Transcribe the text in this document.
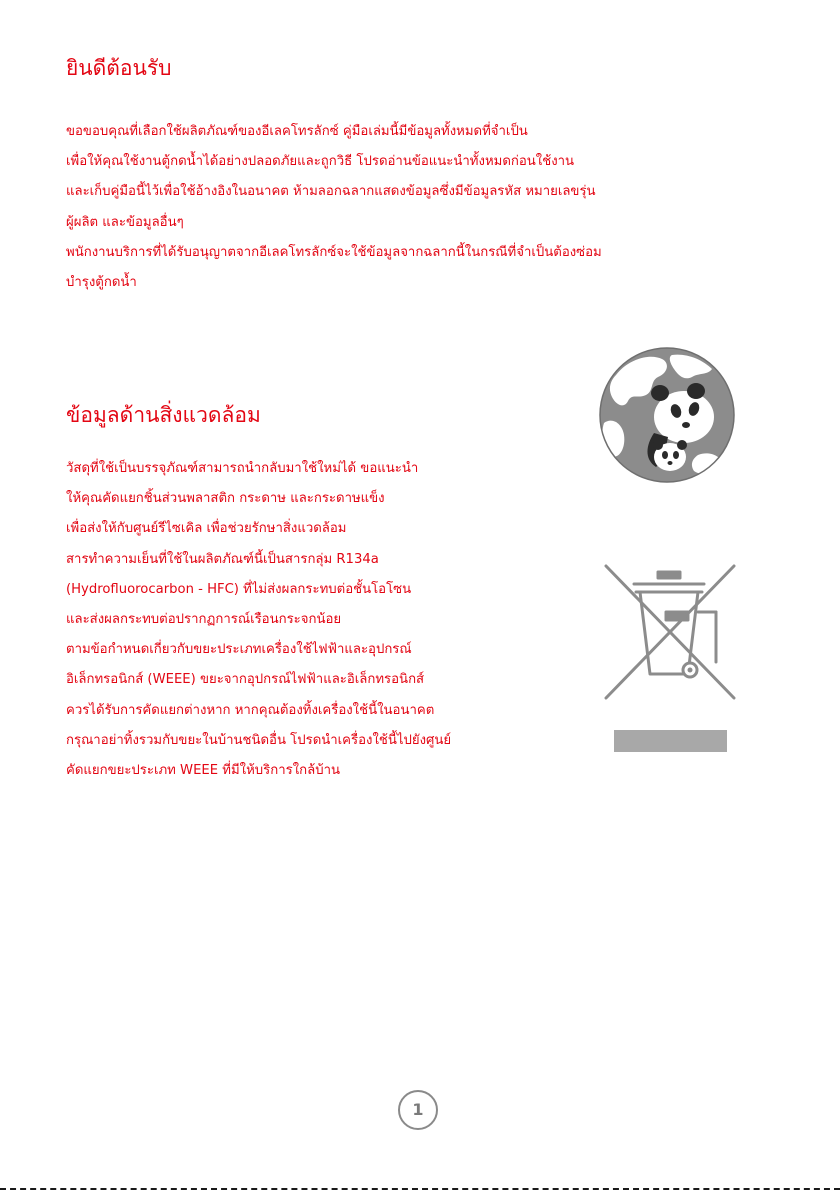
ยินดีต้อนรับ
ขอขอบคุณที่เลือกใช้ผลิตภัณฑ์ของอีเลคโทรลักซ์ คู่มือเล่มนี้มีข้อมูลทั้งหมดที่จำเป็น
เพื่อให้คุณใช้งานตู้กดน้ำได้อย่างปลอดภัยและถูกวิธี โปรดอ่านข้อแนะนำทั้งหมดก่อนใช้งาน
และเก็บคู่มือนี้ไว้เพื่อใช้อ้างอิงในอนาคต ห้ามลอกฉลากแสดงข้อมูลซึ่งมีข้อมูลรหัส หมายเลขรุ่น
ผู้ผลิต และข้อมูลอื่นๆ
พนักงานบริการที่ได้รับอนุญาตจากอีเลคโทรลักซ์จะใช้ข้อมูลจากฉลากนี้ในกรณีที่จำเป็นต้องซ่อม
บำรุงตู้กดน้ำ
ข้อมูลด้านสิ่งแวดล้อม
วัสดุที่ใช้เป็นบรรจุภัณฑ์สามารถนำกลับมาใช้ใหม่ได้ ขอแนะนำ
ให้คุณคัดแยกชิ้นส่วนพลาสติก กระดาษ และกระดาษแข็ง
เพื่อส่งให้กับศูนย์รีไซเคิล เพื่อช่วยรักษาสิ่งแวดล้อม
สารทำความเย็นที่ใช้ในผลิตภัณฑ์นี้เป็นสารกลุ่ม R134a
(Hydrofluorocarbon - HFC) ที่ไม่ส่งผลกระทบต่อชั้นโอโซน
และส่งผลกระทบต่อปรากฏการณ์เรือนกระจกน้อย
ตามข้อกำหนดเกี่ยวกับขยะประเภทเครื่องใช้ไฟฟ้าและอุปกรณ์
อิเล็กทรอนิกส์ (WEEE) ขยะจากอุปกรณ์ไฟฟ้าและอิเล็กทรอนิกส์
ควรได้รับการคัดแยกต่างหาก หากคุณต้องทิ้งเครื่องใช้นี้ในอนาคต
กรุณาอย่าทิ้งรวมกับขยะในบ้านชนิดอื่น โปรดนำเครื่องใช้นี้ไปยังศูนย์
คัดแยกขยะประเภท WEEE ที่มีให้บริการใกล้บ้าน
1
